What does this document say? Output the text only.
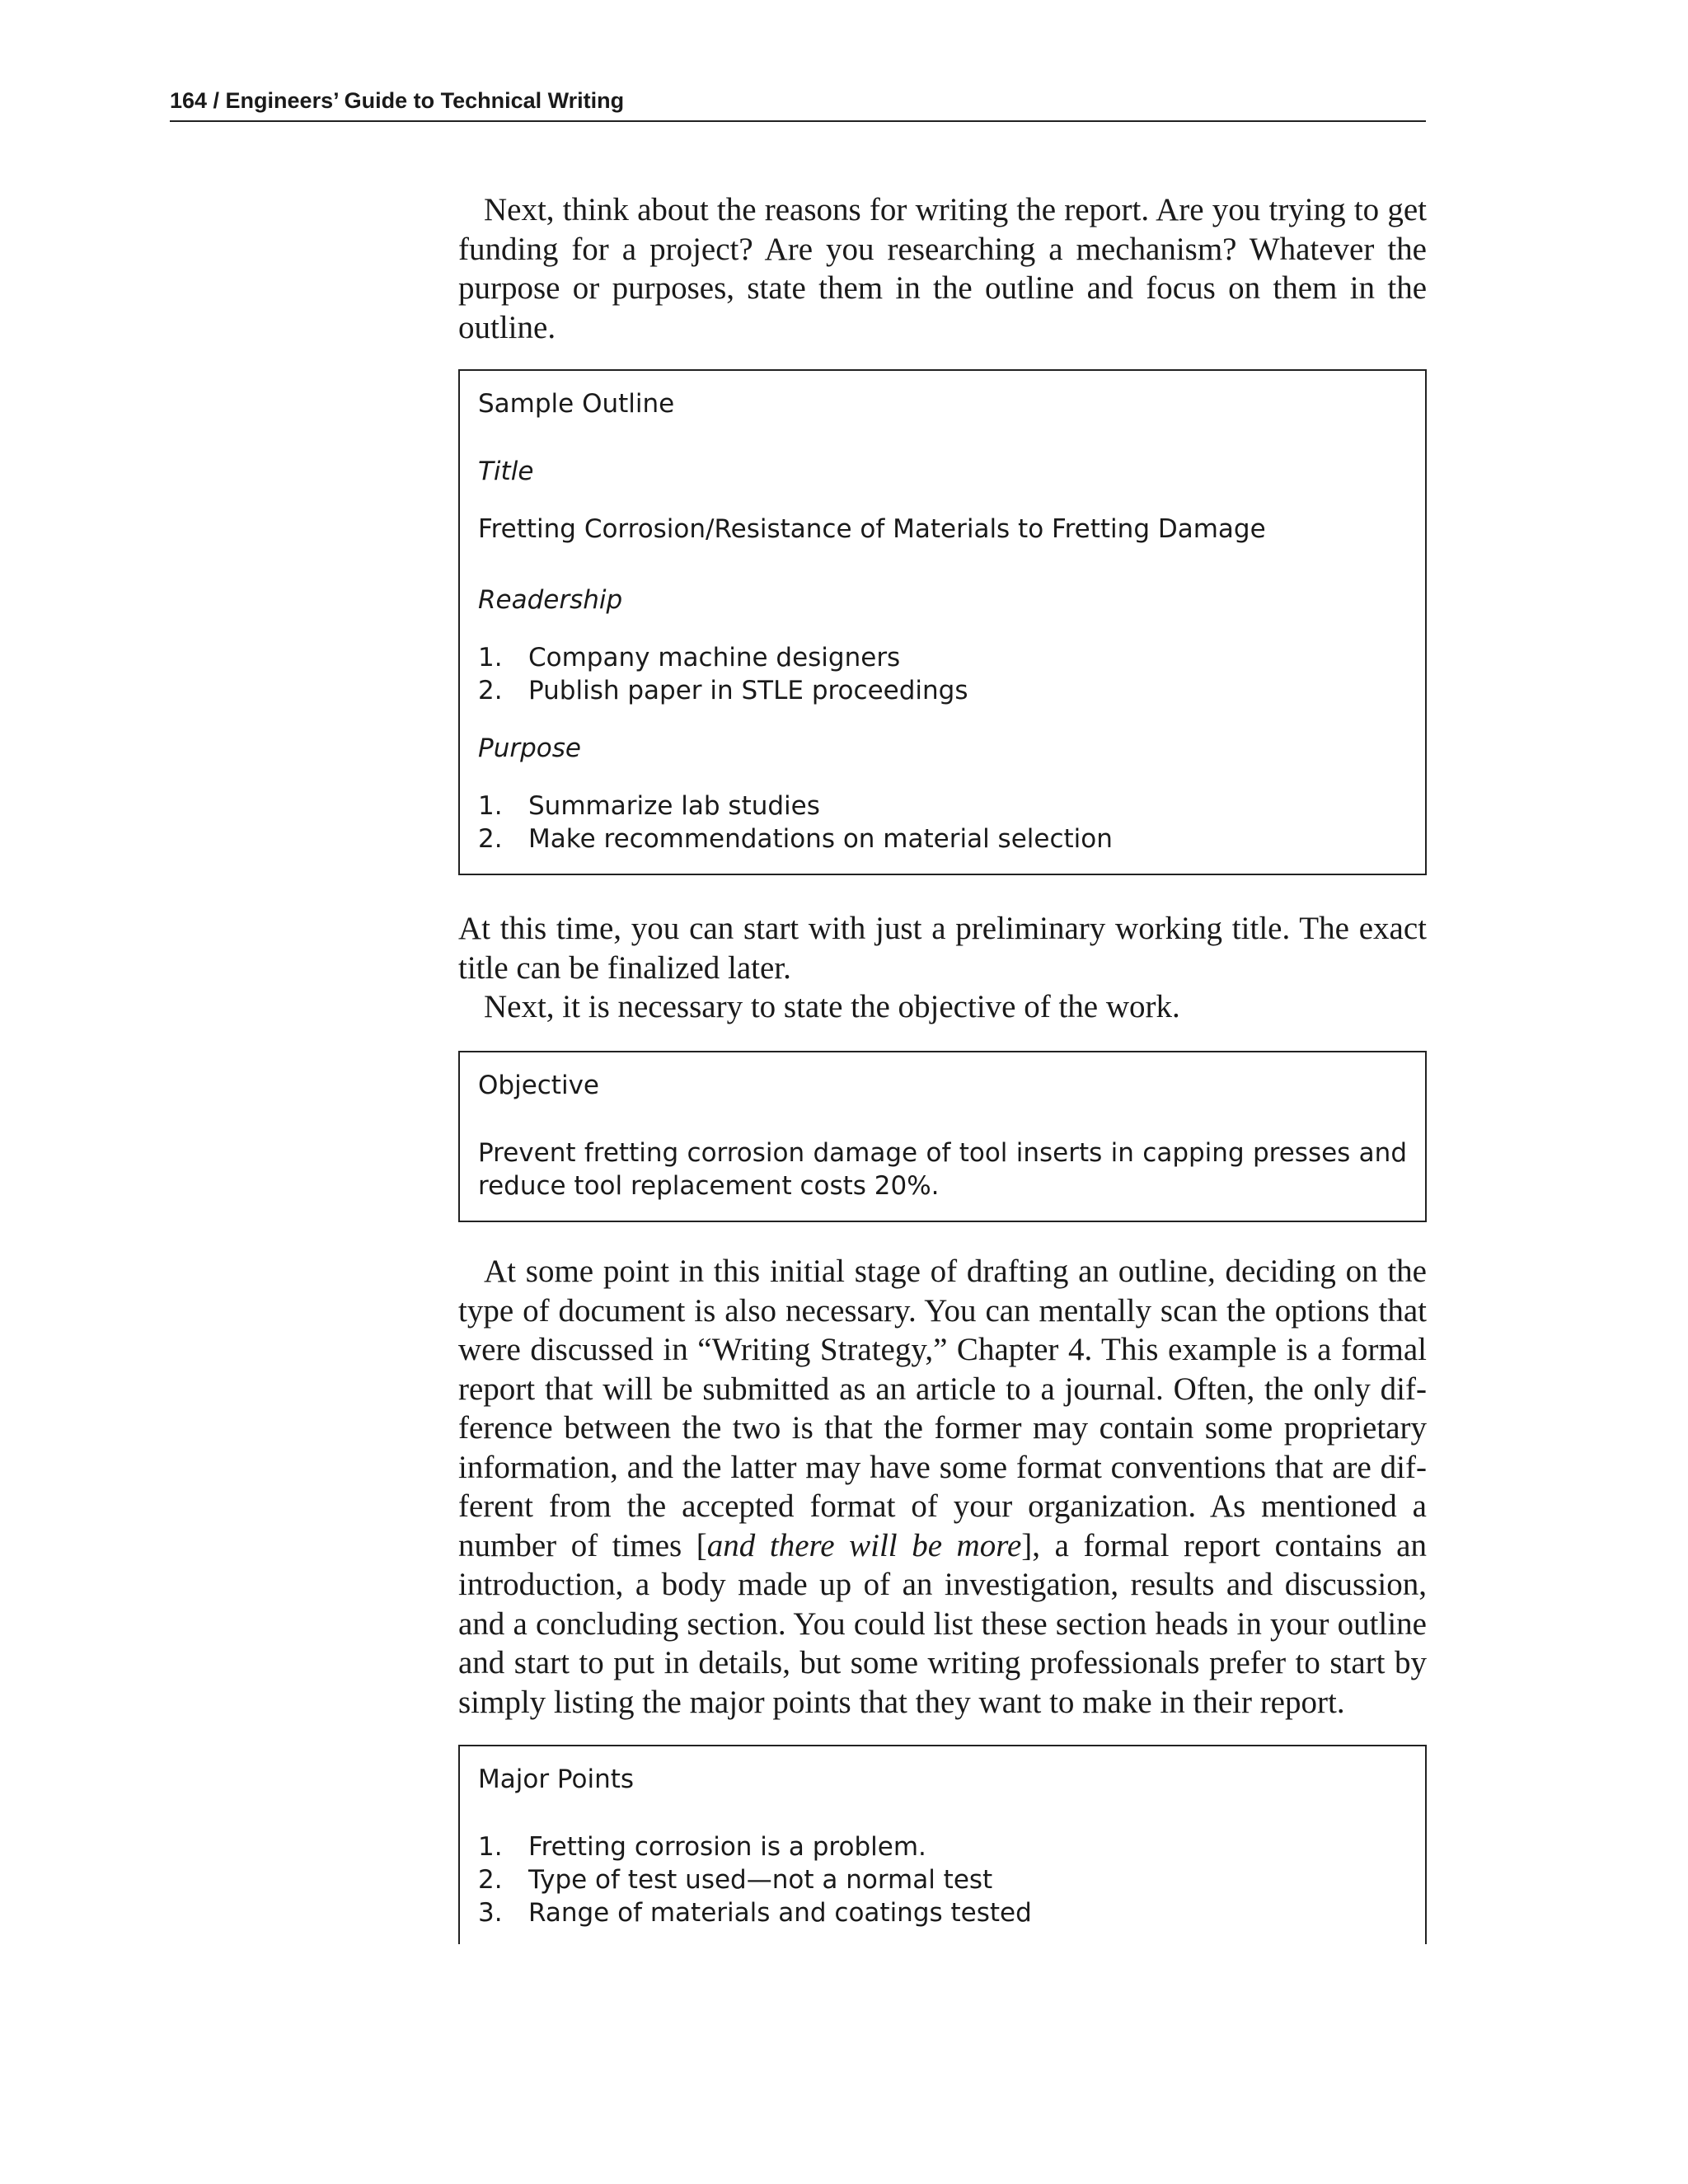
164 / Engineers’ Guide to Technical Writing

Next, think about the reasons for writing the report. Are you trying to get funding for a project? Are you researching a mechanism? Whatever the purpose or purposes, state them in the outline and focus on them in the outline.

Sample Outline

Title

Fretting Corrosion/Resistance of Materials to Fretting Damage

Readership

1. Company machine designers
2. Publish paper in STLE proceedings

Purpose

1. Summarize lab studies
2. Make recommendations on material selection

At this time, you can start with just a preliminary working title. The exact title can be finalized later.

Next, it is necessary to state the objective of the work.

Objective

Prevent fretting corrosion damage of tool inserts in capping presses and reduce tool replacement costs 20%.

At some point in this initial stage of drafting an outline, deciding on the type of document is also necessary. You can mentally scan the options that were discussed in “Writing Strategy,” Chapter 4. This example is a formal report that will be submitted as an article to a journal. Often, the only difference between the two is that the former may contain some proprietary information, and the latter may have some format conventions that are different from the accepted format of your organization. As mentioned a number of times [and there will be more], a formal report contains an introduction, a body made up of an investigation, results and discussion, and a concluding section. You could list these section heads in your outline and start to put in details, but some writing professionals prefer to start by simply listing the major points that they want to make in their report.

Major Points

1. Fretting corrosion is a problem.
2. Type of test used—not a normal test
3. Range of materials and coatings tested
